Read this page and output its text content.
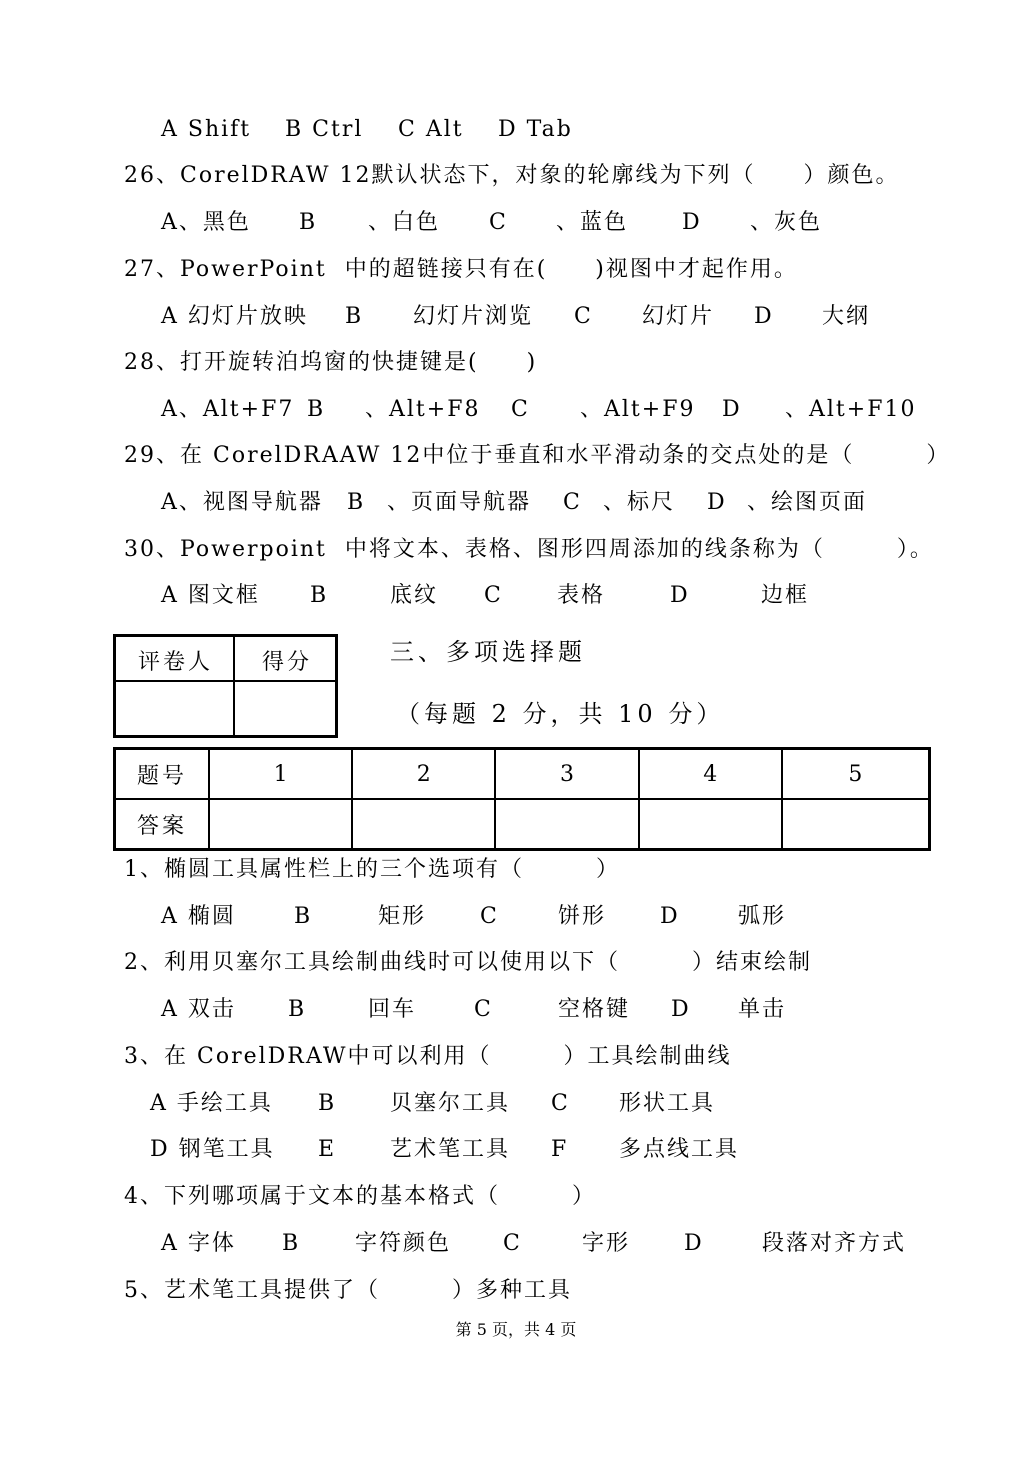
A Shift B Ctrl C Alt D Tab
26、CorelDRAW 12默认状态下，对象的轮廓线为下列（　　）颜色。
A、黑色 B 、白色 C 、蓝色 D 、灰色
27、PowerPoint  中的超链接只有在(　　)视图中才起作用。
A 幻灯片放映 B 幻灯片浏览 C 幻灯片 D 大纲
28、打开旋转泊坞窗的快捷键是(　　)
A、Alt+F7 B 、Alt+F8 C 、Alt+F9 D 、Alt+F10
29、在 CorelDRAAW 12中位于垂直和水平滑动条的交点处的是（　　　）
A、视图导航器 B 、页面导航器 C 、标尺 D 、绘图页面
30、Powerpoint  中将文本、表格、图形四周添加的线条称为（　　　）。
A 图文框 B	底纹 C 表格	D	边框
评卷人 得分	三、多项选择题
（每题 2 分，共 10 分）
题号	1	2	3	4	5
答案					
1、椭圆工具属性栏上的三个选项有（　　　）
A 椭圆	B	矩形 C	饼形 D	弧形
2、利用贝塞尔工具绘制曲线时可以使用以下（　　　）结束绘制
A 双击 B	回车	C	空格键 D 单击
3、在 CorelDRAW中可以利用（　　　）工具绘制曲线
A 手绘工具 B 贝塞尔工具 C 形状工具
D 钢笔工具 E 艺术笔工具 F 多点线工具
4、下列哪项属于文本的基本格式（　　　）
A 字体 B 字符颜色 C	字形 D	段落对齐方式
5、艺术笔工具提供了（　　　）多种工具
第 5 页，共 4 页
